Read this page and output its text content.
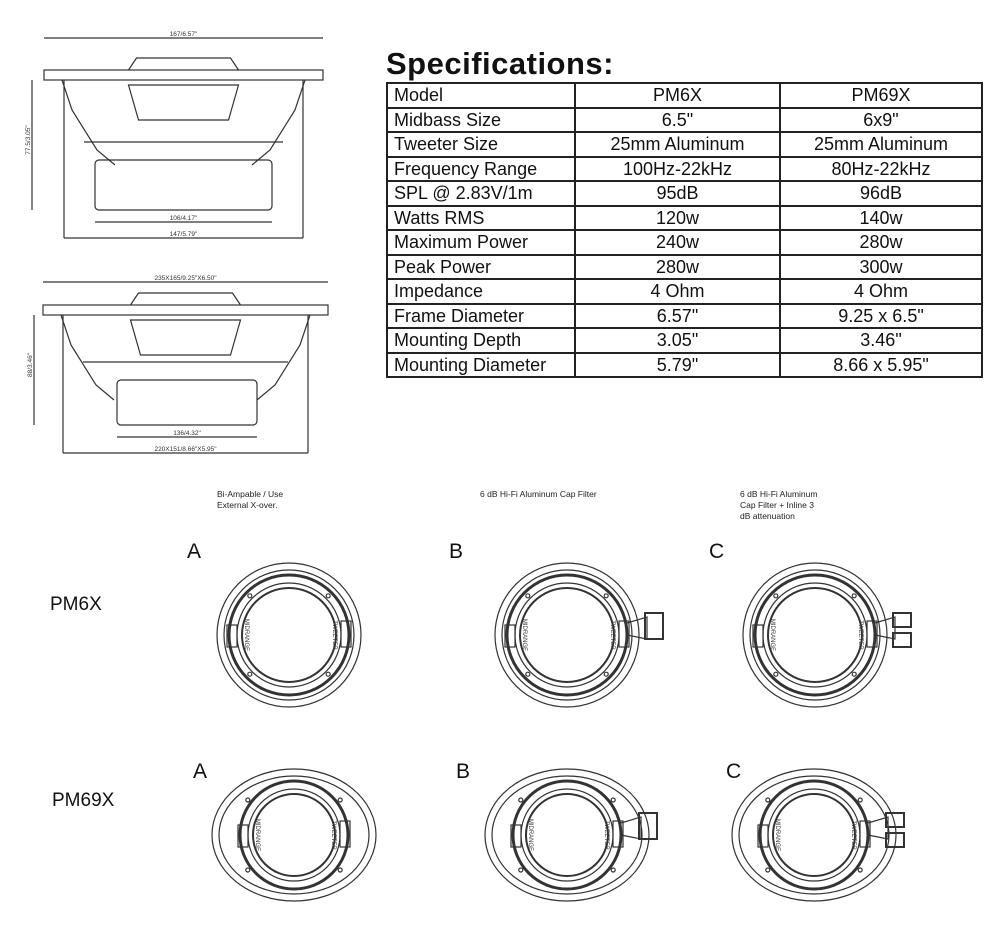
167/6.57"
106/4.17"
147/5.79"
77.5/3.05"
235X165/9.25"X6.50"
136/4.32"
220X151/8.66"X5.95"
88/3.46"
Specifications:
Model	PM6X	PM69X
Midbass Size	6.5"	6x9"
Tweeter Size	25mm Aluminum	25mm Aluminum
Frequency Range	100Hz-22kHz	80Hz-22kHz
SPL @ 2.83V/1m	95dB	96dB
Watts RMS	120w	140w
Maximum Power	240w	280w
Peak Power	280w	300w
Impedance	4 Ohm	4 Ohm
Frame Diameter	6.57"	9.25 x 6.5"
Mounting Depth	3.05"	3.46"
Mounting Diameter	5.79"	8.66 x 5.95"
Bi-Ampable / Use
External X-over.
6 dB Hi-Fi Aluminum Cap Filter	6 dB Hi-Fi Aluminum
Cap Filter + Inline 3
dB attenuation
A	B	C
A	B	C
PM6X
PM69X
MIDRANGE	TWEETER	MIDRANGE	TWEETER	MIDRANGE	TWEETER
MIDRANGE	TWEETER	MIDRANGE	TWEETER	MIDRANGE	TWEETER
